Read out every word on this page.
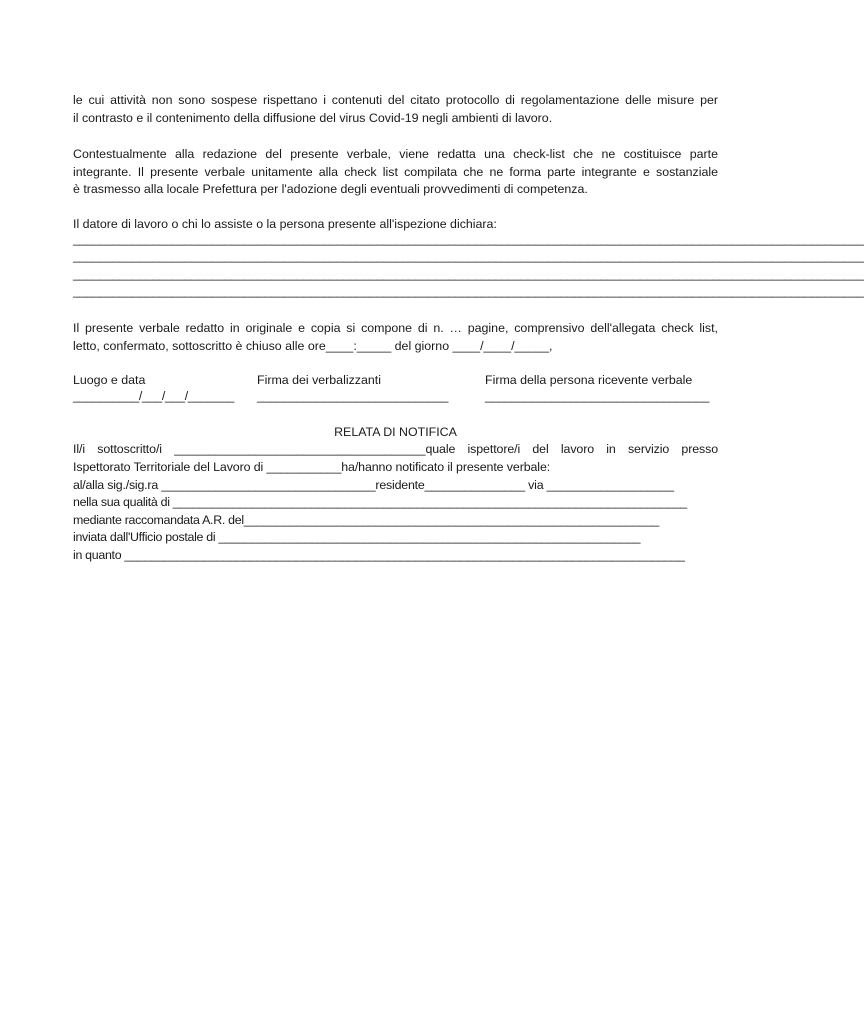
le cui attività non sono sospese rispettano i contenuti del citato protocollo di regolamentazione delle misure per
il contrasto e il contenimento della diffusione del virus Covid-19 negli ambienti di lavoro.
Contestualmente alla redazione del presente verbale, viene redatta una check-list che ne costituisce parte
integrante. Il presente verbale unitamente alla check list compilata che ne forma parte integrante e sostanziale
è trasmesso alla locale Prefettura per l'adozione degli eventuali provvedimenti di competenza.
Il datore di lavoro o chi lo assiste o la persona presente all'ispezione dichiara:
________________________________________________________________________________________________________________________
________________________________________________________________________________________________________________________
________________________________________________________________________________________________________________________
________________________________________________________________________________________________________________________
Il presente verbale redatto in originale e copia si compone di n. … pagine, comprensivo dell'allegata check list,
letto, confermato, sottoscritto è chiuso alle ore____:_____ del giorno ____/____/_____,
Luogo e data
__________/___/___/_______
Firma dei verbalizzanti
_____________________________
Firma della persona ricevente verbale
__________________________________
RELATA DI NOTIFICA
Il/i sottoscritto/i _____________________________________quale ispettore/i del lavoro in servizio presso
Ispettorato Territoriale del Lavoro di ___________ha/hanno notificato il presente verbale:
al/alla sig./sig.ra ________________________________residente_______________ via ___________________
nella sua qualità di ______________________________________________________________________________
mediante raccomandata A.R. del_______________________________________________________________
inviata dall'Ufficio postale di ________________________________________________________________
in quanto _____________________________________________________________________________________
